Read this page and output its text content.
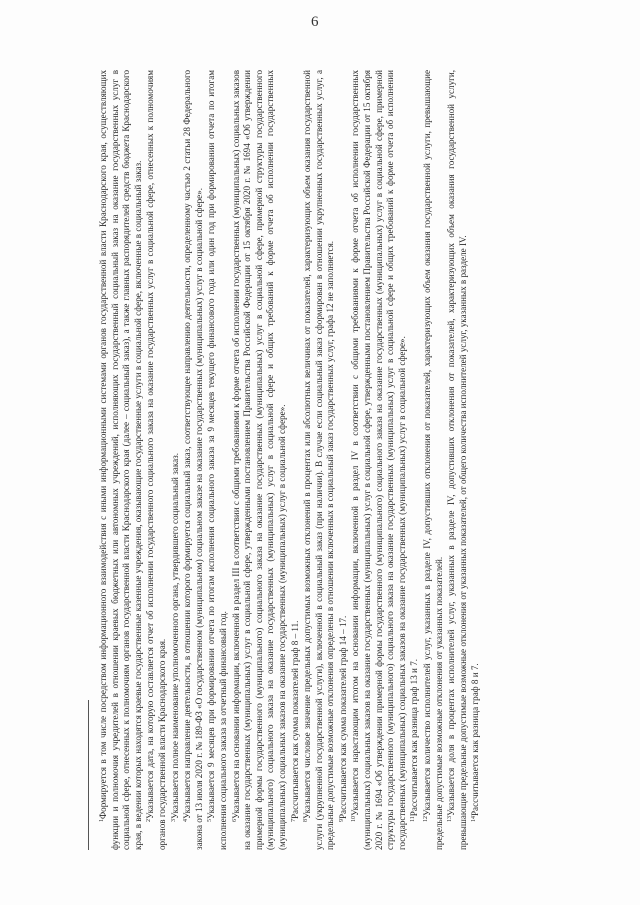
6

$^1$Формируется в том числе посредством информационного взаимодействия с иными информационными системами органов государственной власти Краснодарского края, осуществляющих функции и полномочия учредителей в отношении краевых бюджетных или автономных учреждений, исполняющих государственный социальный заказ на оказание государственных услуг в социальной сфере, отнесенных к полномочиям органов государственной власти Краснодарского края (далее – социальный заказ), а также главных распорядителей средств бюджета Краснодарского края, в ведении которых находятся краевые государственные казенные учреждения, оказывающие государственные услуги в социальной сфере, включенные в социальный заказ. $^2$Указывается дата, на которую составляется отчет об исполнении государственного социального заказа на оказание государственных услуг в социальной сфере, отнесенных к полномочиям органов государственной власти Краснодарского края. $^3$Указывается полное наименование уполномоченного органа, утвердившего социальный заказ.

$^4$Указывается направление деятельности, в отношении которого формируется социальный заказ, соответствующее направлению деятельности, определенному частью 2 статьи 28 Федерального закона от 13 июля 2020 г. № 189-ФЗ «О государственном (муниципальном) социальном заказе на оказание государственных (муниципальных) услуг в социальной сфере». $^5$Указывается 9 месяцев при формировании отчета по итогам исполнения социального заказа за 9 месяцев текущего финансового года или один год при формировании отчета по итогам исполнения социального заказа за отчетный финансовый год. $^6$Указывается на основании информации, включенной в раздел III в соответствии с общими требованиями к форме отчета об исполнении государственных (муниципальных) социальных заказов на оказание государственных (муниципальных) услуг в социальной сфере, утвержденными постановлением Правительства Российской Федерации от 15 октября 2020 г. № 1694 «Об утверждении примерной формы государственного (муниципального) социального заказа на оказание государственных (муниципальных) услуг в социальной сфере, примерной структуры государственного (муниципального) социального заказа на оказание государственных (муниципальных) услуг в социальной сфере и общих требований к форме отчета об исполнении государственных (муниципальных) социальных заказов на оказание государственных (муниципальных) услуг в социальной сфере». $^7$Рассчитывается как сумма показателей граф 8 – 11.

$^8$Указывается числовое значение предельных допустимых возможных отклонений в процентах или абсолютных величинах от показателей, характеризующих объем оказания государственной услуги (укрупненной государственной услуги), включенной в социальный заказ (при наличии). В случае если социальный заказ сформирован в отношении укрупненных государственных услуг, а предельные допустимые возможные отклонения определены в отношении включенных в социальный заказ государственных услуг, графа 12 не заполняется. $^9$Рассчитывается как сумма показателей граф 14 – 17. $^{10}$Указывается нарастающим итогом на основании информации, включенной в раздел IV в соответствии с общими требованиями к форме отчета об исполнении государственных (муниципальных) социальных заказов на оказание государственных (муниципальных) услуг в социальной сфере, утвержденными постановлением Правительства Российской Федерации от 15 октября 2020 г. № 1694 «Об утверждении примерной формы государственного (муниципального) социального заказа на оказание государственных (муниципальных) услуг в социальной сфере, примерной структуры государственного (муниципального) социального заказа на оказание государственных (муниципальных) услуг в социальной сфере и общих требований к форме отчета об исполнении государственных (муниципальных) социальных заказов на оказание государственных (муниципальных) услуг в социальной сфере». $^{11}$Рассчитывается как разница граф 13 и 7.

$^{12}$Указывается количество исполнителей услуг, указанных в разделе IV, допустивших отклонения от показателей, характеризующих объем оказания государственной услуги, превышающие предельные допустимые возможные отклонения от указанных показателей. $^{13}$Указывается доля в процентах исполнителей услуг, указанных в разделе IV, допустивших отклонения от показателей, характеризующих объем оказания государственной услуги, превышающие предельные допустимые возможные отклонения от указанных показателей, от общего количества исполнителей услуг, указанных в разделе IV. $^{14}$Рассчитывается как разница граф 8 и 7.
